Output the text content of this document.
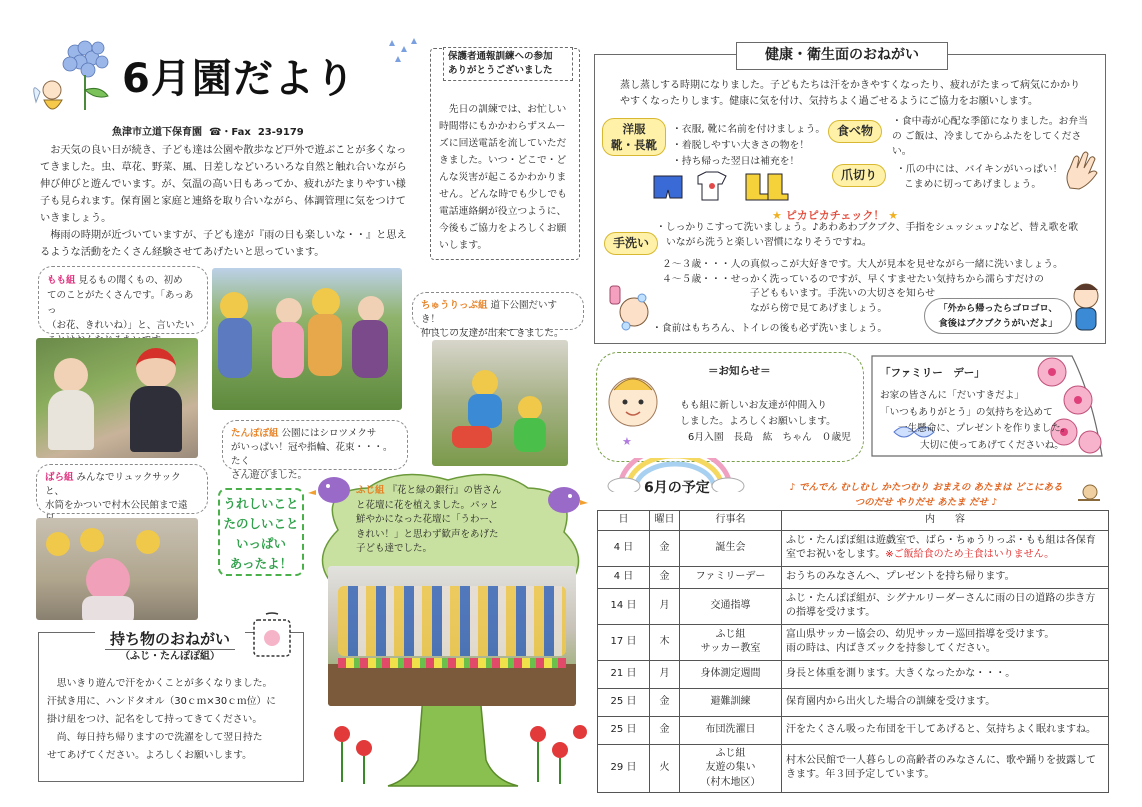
6月園だより
魚津市立道下保育園 ☎・Fax 23-9179
お天気の良い日が続き、子ども達は公園や散歩など戸外で遊ぶことが多くなっ
てきました。虫、草花、野菜、風、日差しなどいろいろな自然と触れ合いながら
伸び伸びと遊んでいます。が、気温の高い日もあってか、疲れがたまりやすい様
子も見られます。保育園と家庭と連絡を取り合いながら、体調管理に気をつけて
いきましょう。
梅雨の時期が近づいていますが、子ども達が『雨の日も楽しいな・・』と思え
るような活動をたくさん経験させてあげたいと思っています。
保護者通報訓練への参加
ありがとうございました
先日の訓練では、お忙しい
時間帯にもかかわらずスムー
ズに回送電話を流していただ
きました。いつ・どこで・ど
んな災害が起こるかわかりま
せん。どんな時でも少しでも
電話連絡網が役立つように、
今後もご協力をよろしくお願
いします。
もも組 見るもの聞くもの、初め
てのことがたくさんです。「あっあっ
（お花、きれいね）」と、言いたい
ちゅうりっぷ組 道下公園だいすき！
仲良しの友達が出来てきました。
たんぽぽ組 公園にはシロツメクサ
がいっぱい！冠や指輪、花束・・・。たく
さん遊びました。
ばら組 みんなでリュックサックと、
水筒をかついで村木公民館まで遠	うれしいこと
たのしいこと
いっぱい
あったよ！
ふじ組 『花と緑の銀行』の皆さん
と花壇に花を植えました。パッと
鮮やかになった花壇に「うわー、
きれい！」と思わず歓声をあげた
子ども達でした。
持ち物のおねがい
（ふじ・たんぽぽ組）
思いきり遊んで汗をかくことが多くなりました。
汗拭き用に、ハンドタオル（30ｃｍ×30ｃｍ位）に
掛け紐をつけ、記名をして持ってきてください。
尚、毎日持ち帰りますので洗濯をして翌日持た
せてあげてください。よろしくお願いします。
健康・衛生面のおねがい
蒸し蒸しする時期になりました。子どもたちは汗をかきやすくなったり、疲れがたまって病気にかかり
やすくなったりします。健康に気を付け、気持ちよく過ごせるようにご協力をお願いします。
洋服
靴・長靴
・衣服, 靴に名前を付けましょう。
・着脱しやすい大きさの物を！
・持ち帰った翌日は補充を！
食べ物
・食中毒が心配な季節になりました。お弁当
の ご飯は、冷ましてからふたをしてくださ
い。
爪切り	・爪の中には、バイキンがいっぱい！
こまめに切ってあげましょう。
★ ピカピカチェック！ ★
手洗い
・しっかりこすって洗いましょう。♪あわあわブクブク、手指をシュッシュッ♪など、替え歌を歌
いながら洗うと楽しい習慣になりそうですね。
２～３歳・・・人の真似っこが大好きです。大人が見本を見せながら一緒に洗いましょう。
４～５歳・・・せっかく洗っているのですが、早くすませたい気持ちから濡らすだけの
子どももいます。手洗いの大切さを知らせ
ながら傍で見てあげましょう。
・食前はもちろん、トイレの後も必ず洗いましょう。
「外から帰ったらゴロゴロ、
食後はブクブクうがいだよ」
＝お知らせ＝
もも組に新しいお友達が仲間入り
しました。よろしくお願いします。
6月入園　長島　紘　ちゃん　０歳児
★
「ファミリー　デー」
お家の皆さんに「だいすきだよ」
「いつもありがとう」の気持ちを込めて
一生懸命に、プレゼントを作りました。
大切に使ってあげてくださいね。
6月の予定	♪ でんでん むしむし かたつむり おまえの あたまは どこにある
つのだせ やりだせ あたま だせ ♪
日	曜日	行事名	内　　容
4 日	金	誕生会	ふじ・たんぽぽ組は遊戯室で、ばら・ちゅうりっぷ・もも組は各保育室でお祝いをします。※ご飯給食のため主食はいりません。
4 日	金	ファミリーデー	おうちのみなさんへ、プレゼントを持ち帰ります。
14 日	月	交通指導	ふじ・たんぽぽ組が、シグナルリーダーさんに雨の日の道路の歩き方の指導を受けます。
17 日	木	ふじ組
サッカー教室	富山県サッカー協会の、幼児サッカー巡回指導を受けます。
雨の時は、内ばきズックを持参してください。
21 日	月	身体測定週間	身長と体重を測ります。大きくなったかな・・・。
25 日	金	避難訓練	保育園内から出火した場合の訓練を受けます。
25 日	金	布団洗濯日	汗をたくさん吸った布団を干してあげると、気持ちよく眠れますね。
29 日	火	ふじ組
友遊の集い
（村木地区）	村木公民館で一人暮らしの高齢者のみなさんに、歌や踊りを披露してきます。年３回予定しています。
